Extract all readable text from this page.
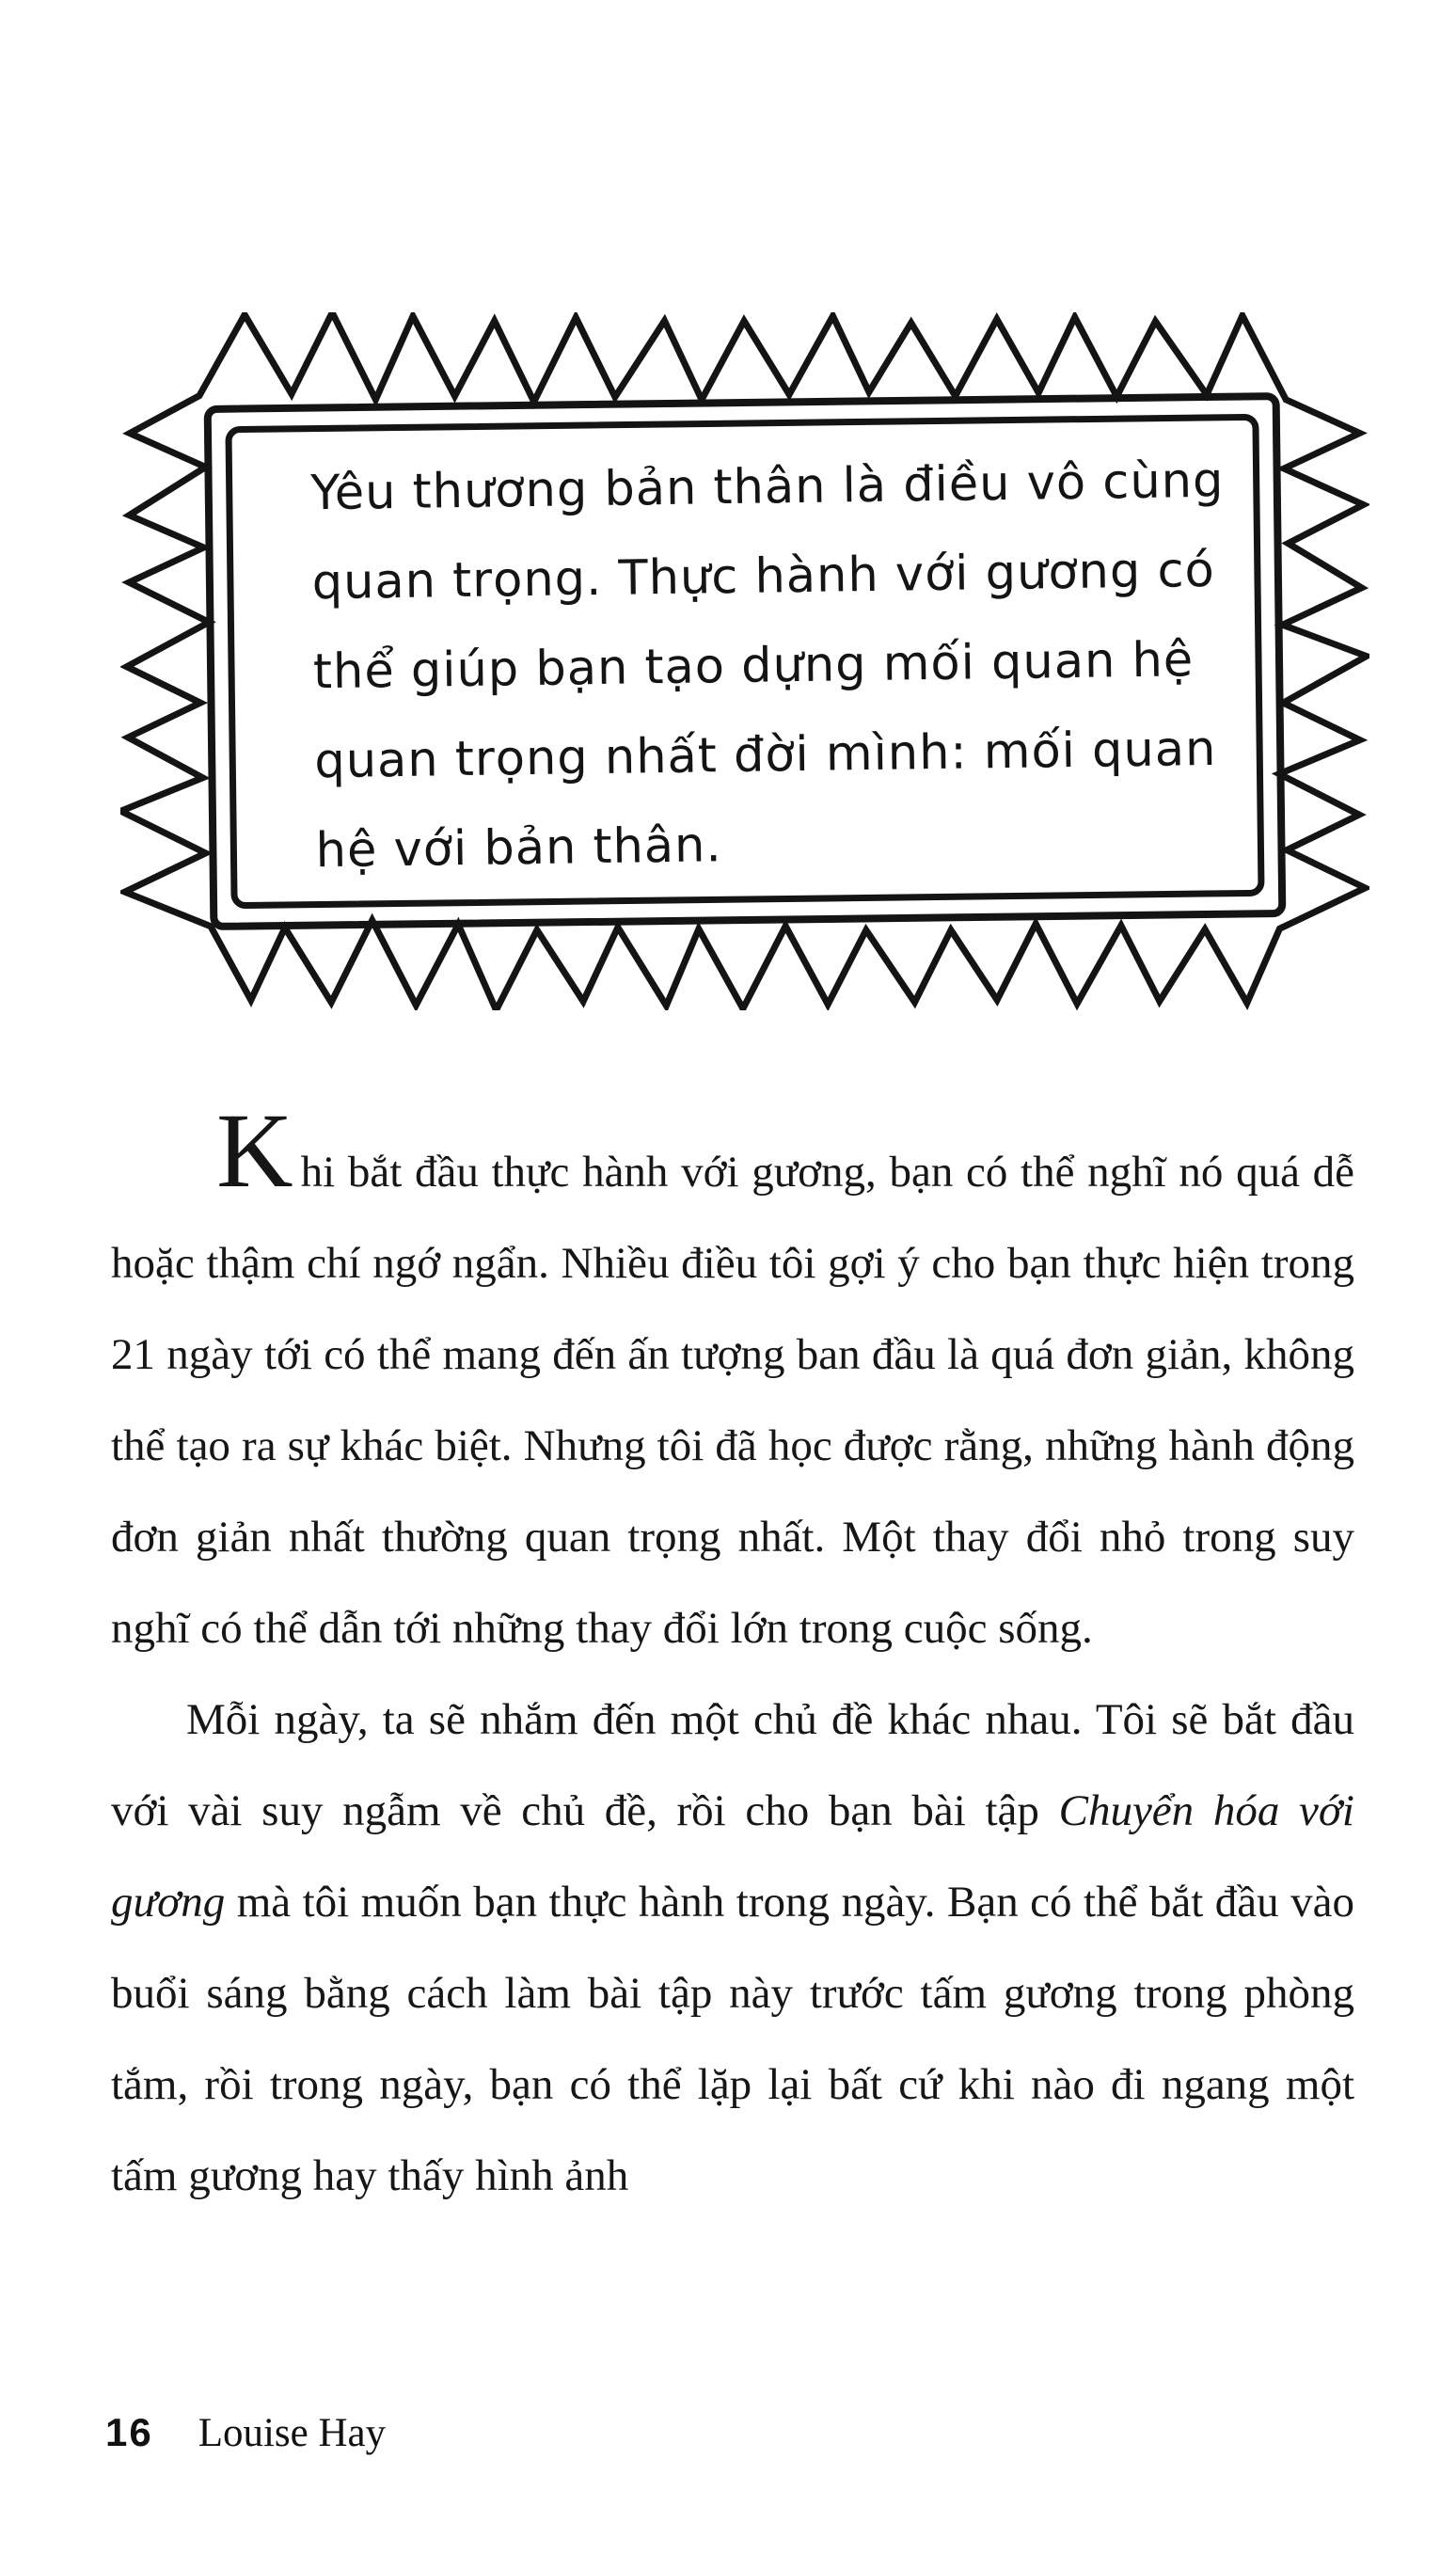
Yêu thương bản thân là điều vô cùng
quan trọng. Thực hành với gương có
thể giúp bạn tạo dựng mối quan hệ
quan trọng nhất đời mình: mối quan
hệ với bản thân.

Khi bắt đầu thực hành với gương, bạn có thể nghĩ nó quá dễ hoặc thậm chí ngớ ngẩn. Nhiều điều tôi gợi ý cho bạn thực hiện trong 21 ngày tới có thể mang đến ấn tượng ban đầu là quá đơn giản, không thể tạo ra sự khác biệt. Nhưng tôi đã học được rằng, những hành động đơn giản nhất thường quan trọng nhất. Một thay đổi nhỏ trong suy nghĩ có thể dẫn tới những thay đổi lớn trong cuộc sống.

Mỗi ngày, ta sẽ nhắm đến một chủ đề khác nhau. Tôi sẽ bắt đầu với vài suy ngẫm về chủ đề, rồi cho bạn bài tập Chuyển hóa với gương mà tôi muốn bạn thực hành trong ngày. Bạn có thể bắt đầu vào buổi sáng bằng cách làm bài tập này trước tấm gương trong phòng tắm, rồi trong ngày, bạn có thể lặp lại bất cứ khi nào đi ngang một tấm gương hay thấy hình ảnh

16 Louise Hay
